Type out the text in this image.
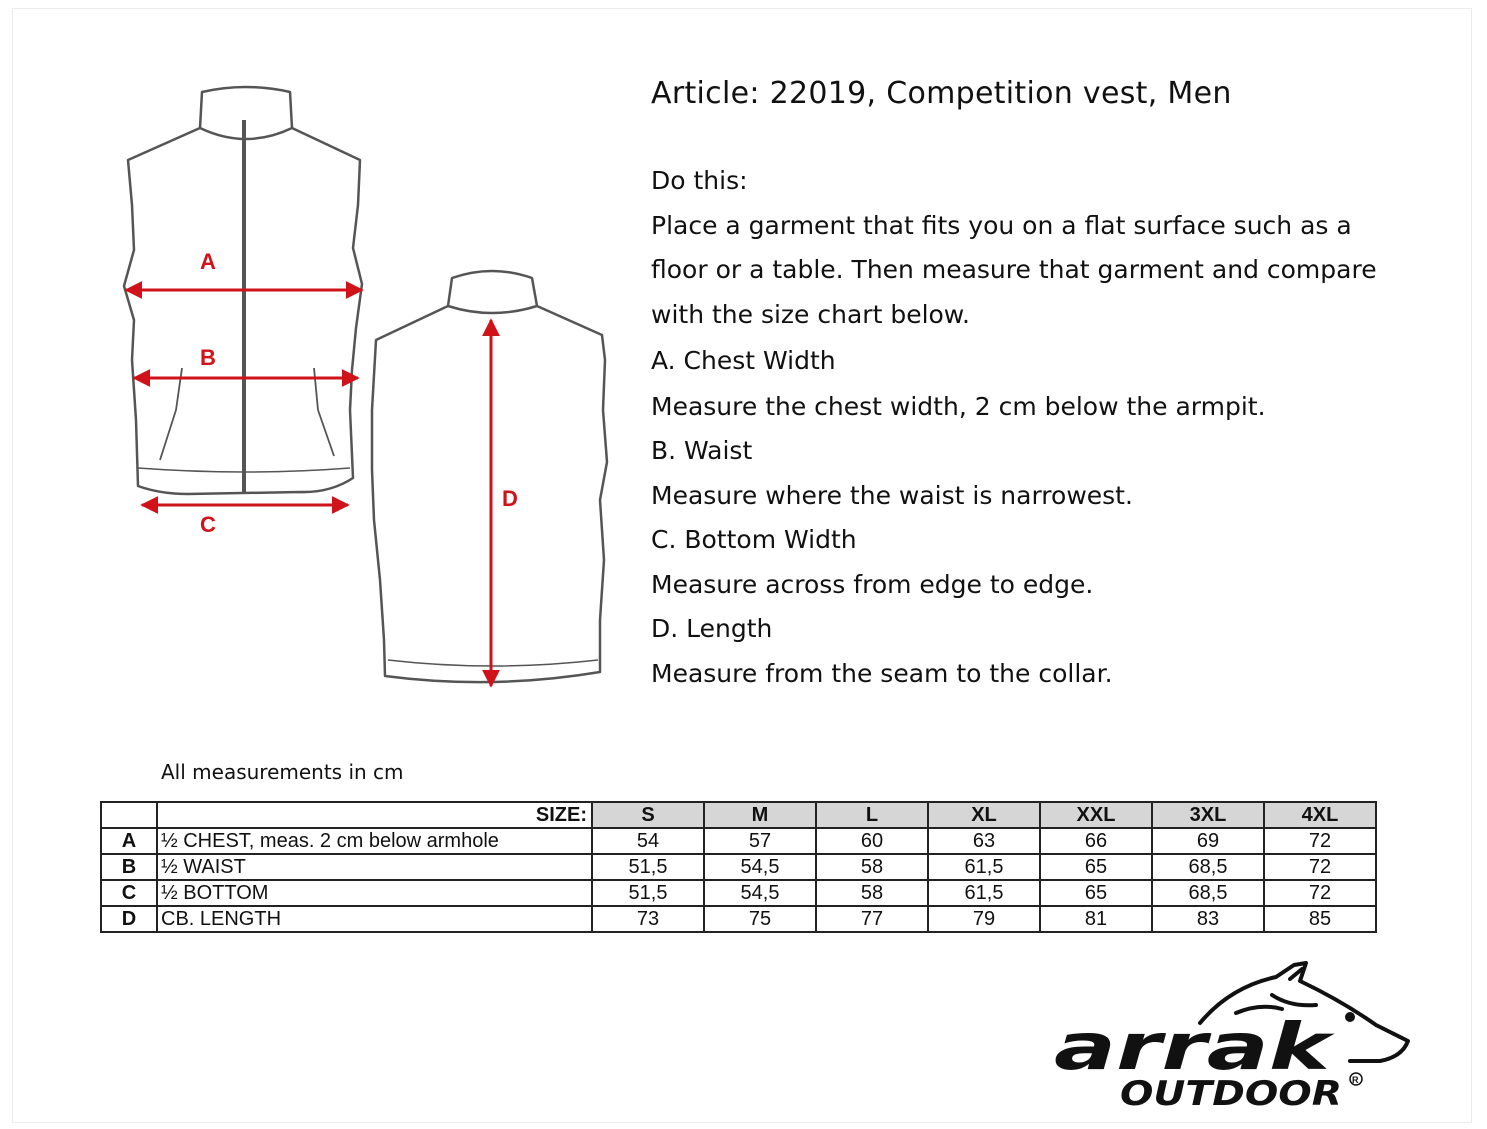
A
B
C
D
Article: 22019, Competition vest, Men
Do this:
Place a garment that fits you on a flat surface such as a
floor or a table. Then measure that garment and compare
with the size chart below.
A. Chest Width
Measure the chest width, 2 cm below the armpit.
B. Waist
Measure where the waist is narrowest.
C. Bottom Width
Measure across from edge to edge.
D. Length
Measure from the seam to the collar.
All measurements in cm
	SIZE:	S	M	L	XL	XXL	3XL	4XL
A	½ CHEST, meas. 2 cm below armhole	54	57	60	63	66	69	72
B	½ WAIST	51,5	54,5	58	61,5	65	68,5	72
C	½ BOTTOM	51,5	54,5	58	61,5	65	68,5	72
D	CB. LENGTH	73	75	77	79	81	83	85
arrak
OUTDOOR R
